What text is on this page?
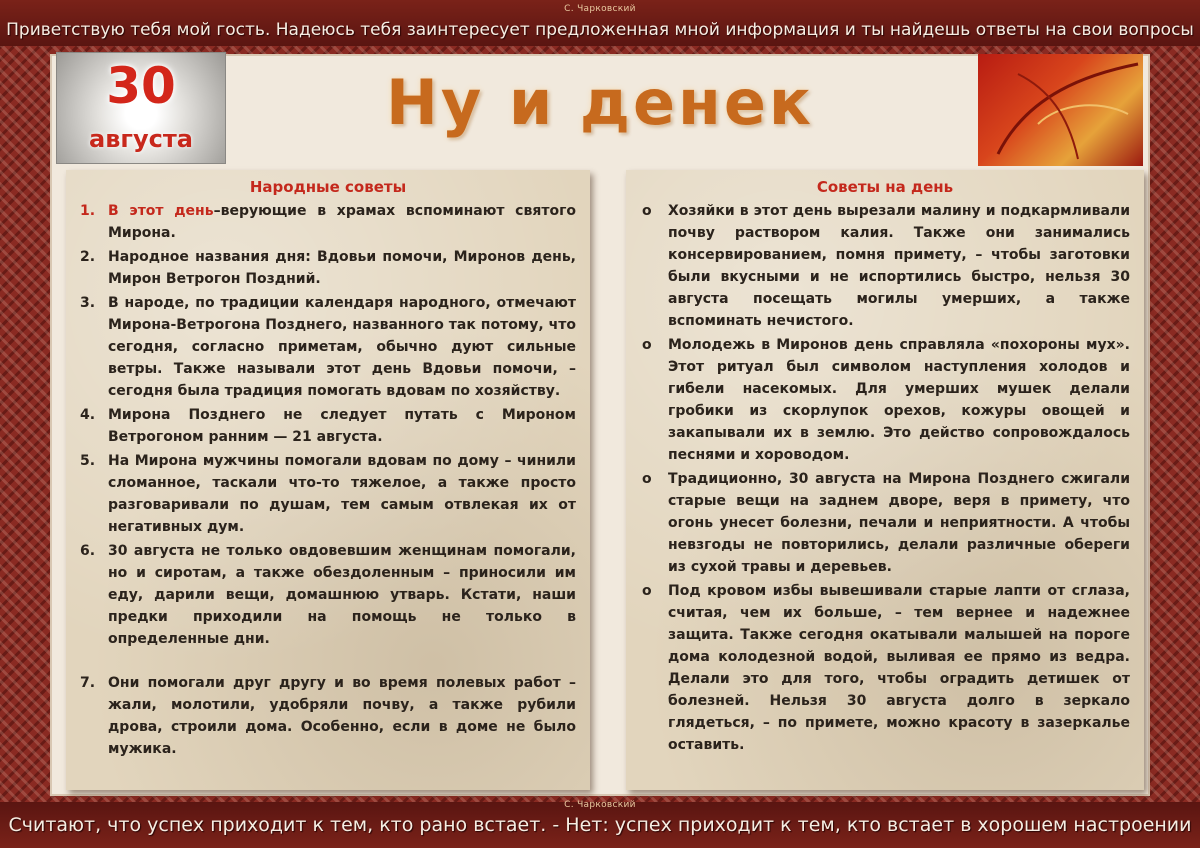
С. Чарковский
Приветствую тебя мой гость. Надеюсь тебя заинтересует предложенная мной информация и ты найдешь ответы на свои вопросы
30
августа	Ну и денек
Народные советы
1. В этот день–верующие в храмах вспоминают святого Мирона.
2. Народное названия дня: Вдовьи помочи, Миронов день, Мирон Ветрогон Поздний.
3. В народе, по традиции календаря народного, отмечают Мирона-Ветрогона Позднего, названного так потому, что сегодня, согласно приметам, обычно дуют сильные ветры. Также называли этот день Вдовьи помочи, – сегодня была традиция помогать вдовам по хозяйству.
4. Мирона Позднего не следует путать с Мироном Ветрогоном ранним — 21 августа.
5. На Мирона мужчины помогали вдовам по дому – чинили сломанное, таскали что-то тяжелое, а также просто разговаривали по душам, тем самым отвлекая их от негативных дум.
6. 30 августа не только овдовевшим женщинам помогали, но и сиротам, а также обездоленным – приносили им еду, дарили вещи, домашнюю утварь. Кстати, наши предки приходили на помощь не только в определенные дни.
7. Они помогали друг другу и во время полевых работ – жали, молотили, удобряли почву, а также рубили дрова, строили дома. Особенно, если в доме не было мужика.
Советы на день
o Хозяйки в этот день вырезали малину и подкармливали почву раствором калия. Также они занимались консервированием, помня примету, – чтобы заготовки были вкусными и не испортились быстро, нельзя 30 августа посещать могилы умерших, а также вспоминать нечистого.
o Молодежь в Миронов день справляла «похороны мух». Этот ритуал был символом наступления холодов и гибели насекомых. Для умерших мушек делали гробики из скорлупок орехов, кожуры овощей и закапывали их в землю. Это действо сопровождалось песнями и хороводом.
o Традиционно, 30 августа на Мирона Позднего сжигали старые вещи на заднем дворе, веря в примету, что огонь унесет болезни, печали и неприятности. А чтобы невзгоды не повторились, делали различные обереги из сухой травы и деревьев.
o Под кровом избы вывешивали старые лапти от сглаза, считая, чем их больше, – тем вернее и надежнее защита. Также сегодня окатывали малышей на пороге дома колодезной водой, выливая ее прямо из ведра. Делали это для того, чтобы оградить детишек от болезней. Нельзя 30 августа долго в зеркало глядеться, – по примете, можно красоту в зазеркалье оставить.
С. Чарковский
Считают, что успех приходит к тем, кто рано встает. - Нет: успех приходит к тем, кто встает в хорошем настроении
